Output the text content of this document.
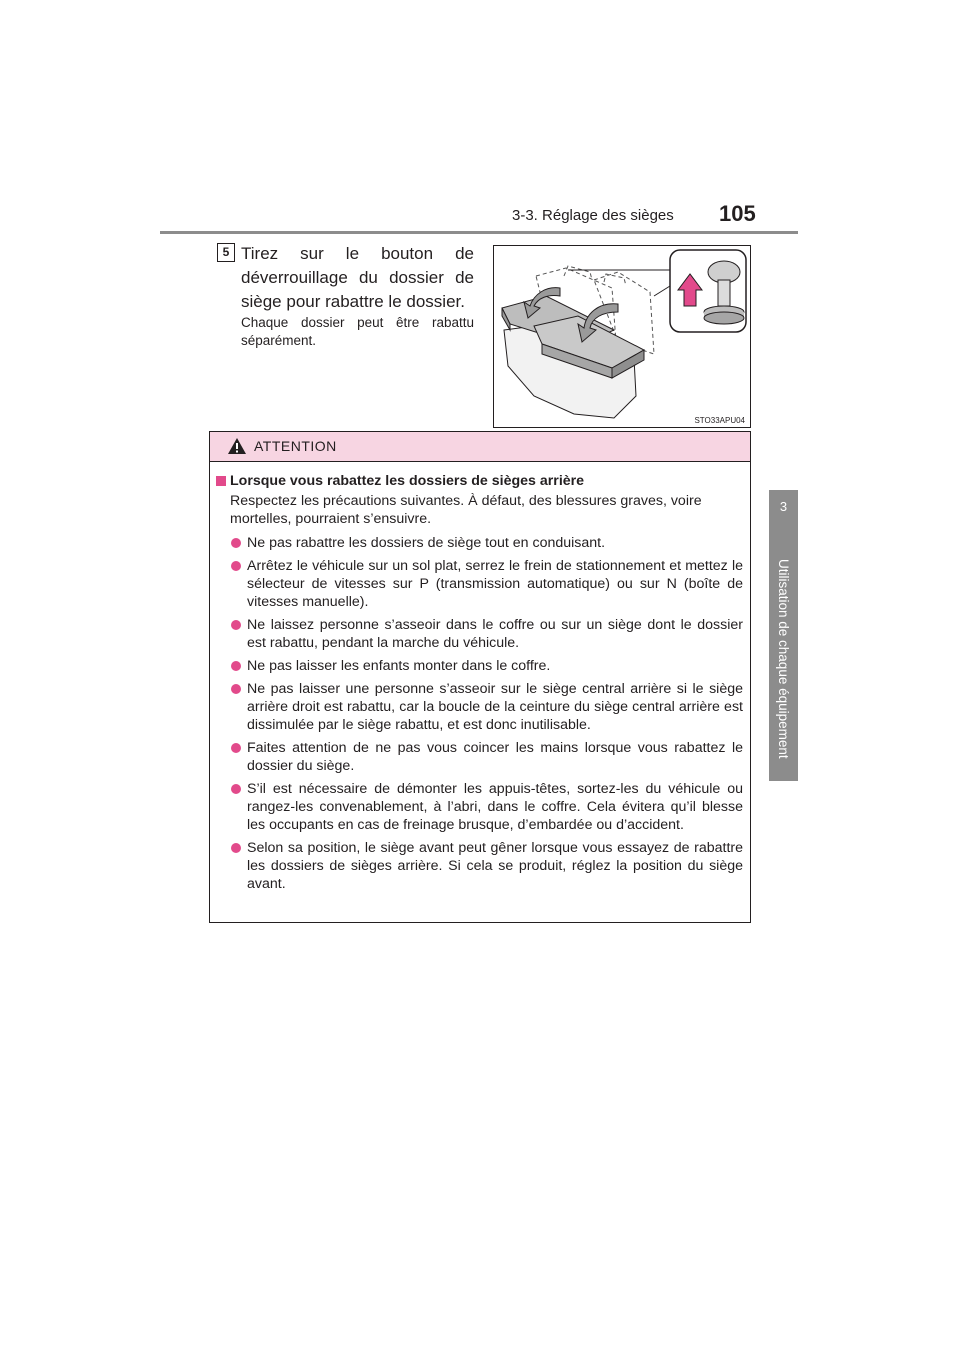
3-3. Réglage des sièges 105
3
Utilisation de chaque équipement
5 Tirez sur le bouton de déverrouillage du dossier de siège pour rabattre le dossier.
Chaque dossier peut être rabattu séparément.
STO33APU04
ATTENTION
Lorsque vous rabattez les dossiers de sièges arrière
Respectez les précautions suivantes. À défaut, des blessures graves, voire mortelles, pourraient s’ensuivre.
Ne pas rabattre les dossiers de siège tout en conduisant.
Arrêtez le véhicule sur un sol plat, serrez le frein de stationnement et mettez le sélecteur de vitesses sur P (transmission automatique) ou sur N (boîte de vitesses manuelle).
Ne laissez personne s’asseoir dans le coffre ou sur un siège dont le dossier est rabattu, pendant la marche du véhicule.
Ne pas laisser les enfants monter dans le coffre.
Ne pas laisser une personne s’asseoir sur le siège central arrière si le siège arrière droit est rabattu, car la boucle de la ceinture du siège central arrière est dissimulée par le siège rabattu, et est donc inutilisable.
Faites attention de ne pas vous coincer les mains lorsque vous rabattez le dossier du siège.
S’il est nécessaire de démonter les appuis-têtes, sortez-les du véhicule ou rangez-les convenablement, à l’abri, dans le coffre. Cela évitera qu’il blesse les occupants en cas de freinage brusque, d’embardée ou d’accident.
Selon sa position, le siège avant peut gêner lorsque vous essayez de rabattre les dossiers de sièges arrière. Si cela se produit, réglez la position du siège avant.
